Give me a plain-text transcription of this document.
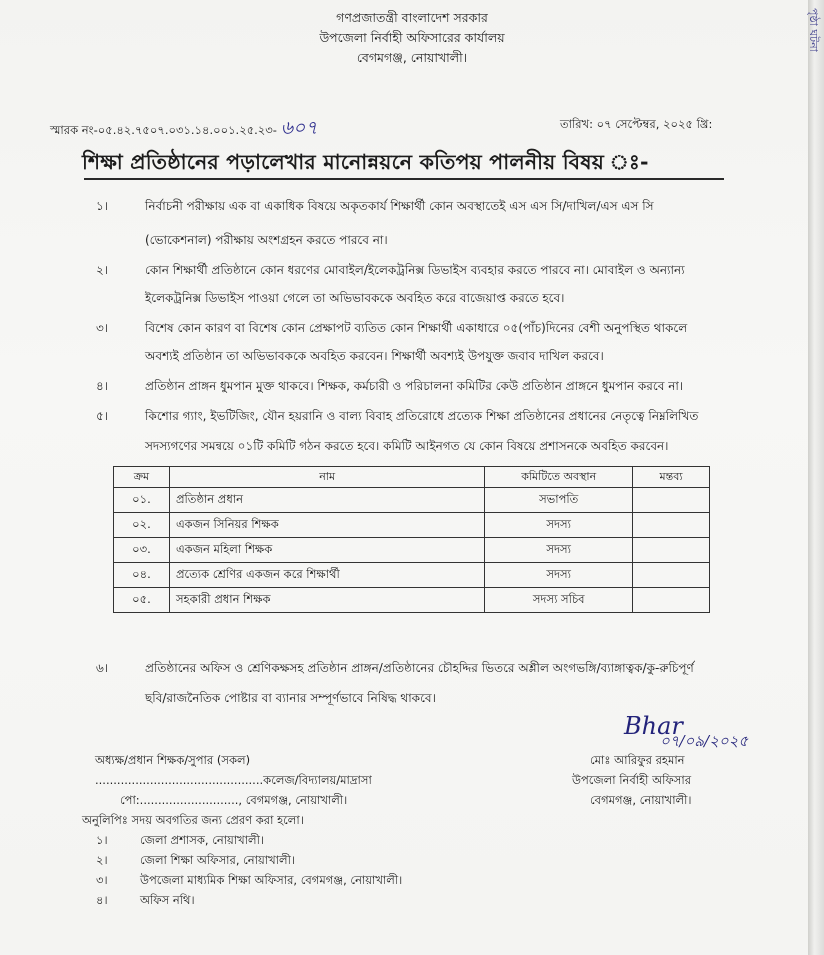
পৃষ্ঠা ঘটনা
গণপ্রজাতন্ত্রী বাংলাদেশ সরকার
উপজেলা নির্বাহী অফিসারের কার্যালয়
বেগমগঞ্জ, নোয়াখালী।
স্মারক নং-০৫.৪২.৭৫০৭.০৩১.১৪.০০১.২৫.২৩- ৬০৭	তারিখ: ০৭ সেপ্টেম্বর, ২০২৫ খ্রি:
শিক্ষা প্রতিষ্ঠানের পড়ালেখার মানোন্নয়নে কতিপয় পালনীয় বিষয় ঃ-
১।	নির্বাচনী পরীক্ষায় এক বা একাধিক বিষয়ে অকৃতকার্য শিক্ষার্থী কোন অবস্থাতেই এস এস সি/দাখিল/এস এস সি
(ভোকেশনাল) পরীক্ষায় অংশগ্রহন করতে পারবে না।
২।	কোন শিক্ষার্থী প্রতিষ্ঠানে কোন ধরণের মোবাইল/ইলেকট্রনিক্স ডিভাইস ব্যবহার করতে পারবে না। মোবাইল ও অন্যান্য
ইলেকট্রনিক্স ডিভাইস পাওয়া গেলে তা অভিভাবককে অবহিত করে বাজেয়াপ্ত করতে হবে।
৩।	বিশেষ কোন কারণ বা বিশেষ কোন প্রেক্ষাপট ব্যতিত কোন শিক্ষার্থী একাধারে ০৫(পাঁচ)দিনের বেশী অনুপস্থিত থাকলে
অবশ্যই প্রতিষ্ঠান তা অভিভাবককে অবহিত করবেন। শিক্ষার্থী অবশ্যই উপযুক্ত জবাব দাখিল করবে।
৪।	প্রতিষ্ঠান প্রাঙ্গন ধুমপান মুক্ত থাকবে। শিক্ষক, কর্মচারী ও পরিচালনা কমিটির কেউ প্রতিষ্ঠান প্রাঙ্গনে ধুমপান করবে না।
৫।	কিশোর গ্যাং, ইভটিজিং, যৌন হয়রানি ও বাল্য বিবাহ প্রতিরোধে প্রত্যেক শিক্ষা প্রতিষ্ঠানের প্রধানের নেতৃত্বে নিম্নলিখিত
সদস্যগণের সমন্বয়ে ০১টি কমিটি গঠন করতে হবে। কমিটি আইনগত যে কোন বিষয়ে প্রশাসনকে অবহিত করবেন।
ক্রম	নাম	কমিটিতে অবস্থান	মন্তব্য
০১.	প্রতিষ্ঠান প্রধান	সভাপতি	
০২.	একজন সিনিয়র শিক্ষক	সদস্য	
০৩.	একজন মহিলা শিক্ষক	সদস্য	
০৪.	প্রত্যেক শ্রেণির একজন করে শিক্ষার্থী	সদস্য	
০৫.	সহকারী প্রধান শিক্ষক	সদস্য সচিব	
৬।	প্রতিষ্ঠানের অফিস ও শ্রেণিকক্ষসহ প্রতিষ্ঠান প্রাঙ্গন/প্রতিষ্ঠানের চৌহদ্দির ভিতরে অশ্লীল অংগভঙ্গি/ব্যাঙ্গাত্বক/কু-রুচিপূর্ণ
ছবি/রাজনৈতিক পোষ্টার বা ব্যানার সম্পূর্ণভাবে নিষিদ্ধ থাকবে।
Bhar
০৭/০৯/২০২৫
মোঃ আরিফুর রহমান
উপজেলা নির্বাহী অফিসার
বেগমগঞ্জ, নোয়াখালী।
অধ্যক্ষ/প্রধান শিক্ষক/সুপার (সকল)
..............................................কলেজ/বিদ্যালয়/মাদ্রাসা
পো:..........................., বেগমগঞ্জ, নোয়াখালী।
অনুলিপিঃ সদয় অবগতির জন্য প্রেরণ করা হলো।
১।	জেলা প্রশাসক, নোয়াখালী।
২।	জেলা শিক্ষা অফিসার, নোয়াখালী।
৩।	উপজেলা মাধ্যমিক শিক্ষা অফিসার, বেগমগঞ্জ, নোয়াখালী।
৪।	অফিস নথি।
